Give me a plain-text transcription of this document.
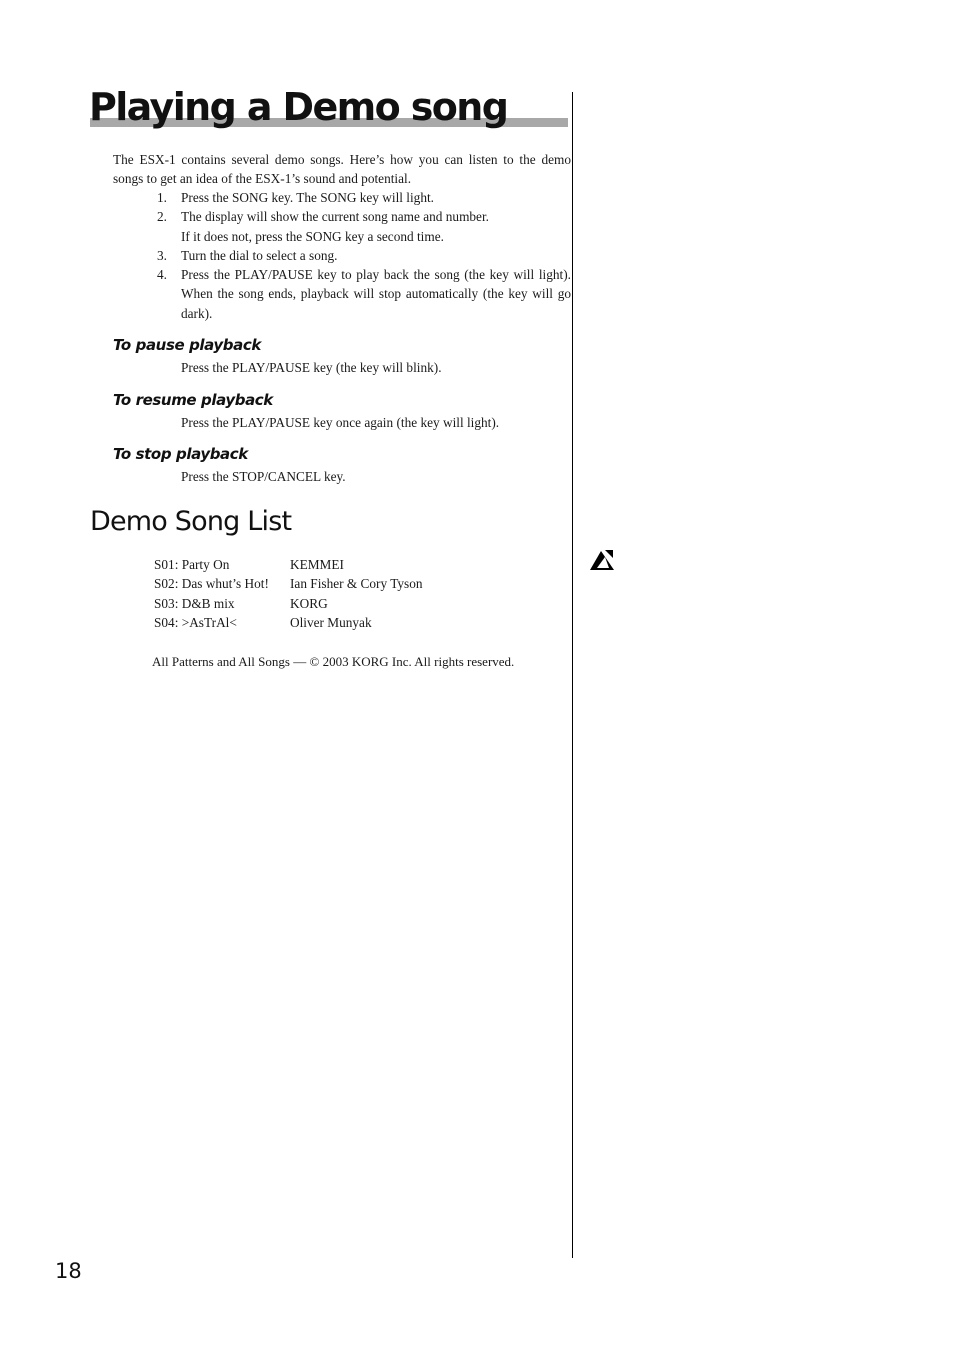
Playing a Demo song

The ESX-1 contains several demo songs. Here’s how you can listen to the demo songs to get an idea of the ESX-1’s sound and potential.

1.	Press the SONG key. The SONG key will light.
2.	The display will show the current song name and number.
If it does not, press the SONG key a second time.
3.	Turn the dial to select a song.
4.	Press the PLAY/PAUSE key to play back the song (the key will light). When the song ends, playback will stop automatically (the key will go dark).
To pause playback

Press the PLAY/PAUSE key (the key will blink).

To resume playback

Press the PLAY/PAUSE key once again (the key will light).

To stop playback

Press the STOP/CANCEL key.

Demo Song List
S01: Party On	KEMMEI
S02: Das whut’s Hot!	Ian Fisher & Cory Tyson
S03: D&B mix	KORG
S04: >AsTrAl<	Oliver Munyak

All Patterns and All Songs — © 2003 KORG Inc. All rights reserved.

18
